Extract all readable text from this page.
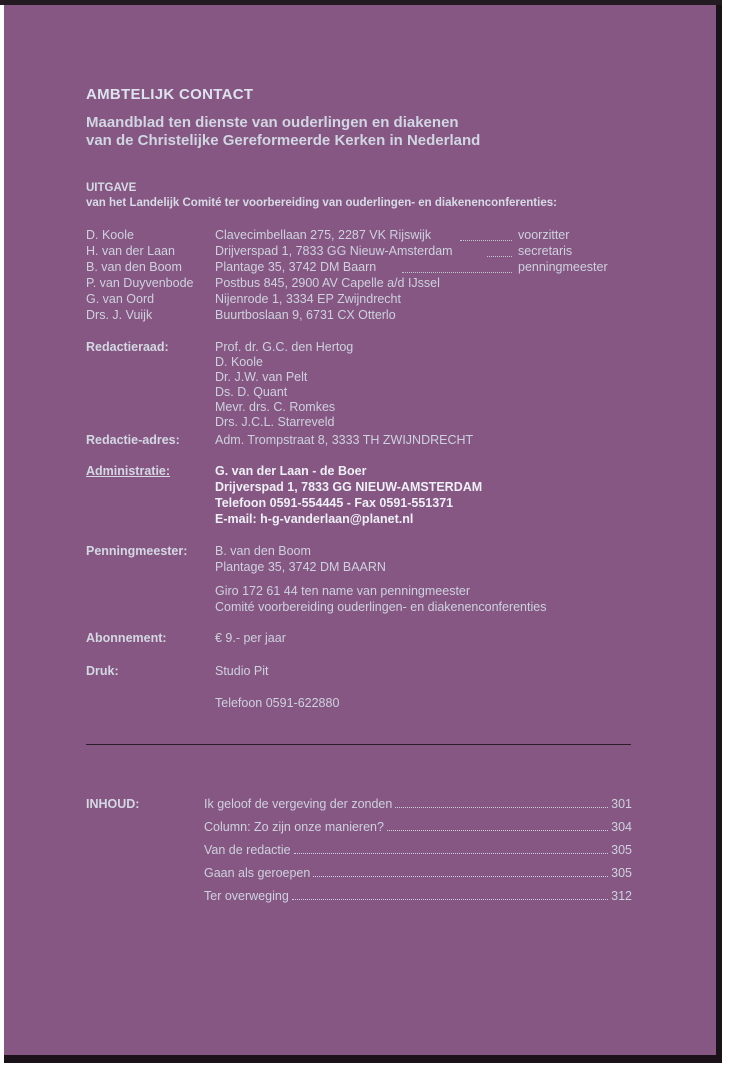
AMBTELIJK CONTACT
Maandblad ten dienste van ouderlingen en diakenen
van de Christelijke Gereformeerde Kerken in Nederland
UITGAVE
van het Landelijk Comité ter voorbereiding van ouderlingen- en diakenenconferenties:
D. Koole	Clavecimbellaan 275, 2287 VK Rijswijk	voorzitter
H. van der Laan	Drijverspad 1, 7833 GG Nieuw-Amsterdam	secretaris
B. van den Boom	Plantage 35, 3742 DM Baarn	penningmeester
P. van Duyvenbode Postbus 845, 2900 AV Capelle a/d IJssel
G. van Oord	Nijenrode 1, 3334 EP Zwijndrecht
Drs. J. Vuijk	Buurtboslaan 9, 6731 CX Otterlo
Redactieraad:	Prof. dr. G.C. den Hertog
D. Koole
Dr. J.W. van Pelt
Ds. D. Quant
Mevr. drs. C. Romkes
Drs. J.C.L. Starreveld
Redactie-adres:	Adm. Trompstraat 8, 3333 TH ZWIJNDRECHT
Administratie:	G. van der Laan - de Boer
Drijverspad 1, 7833 GG NIEUW-AMSTERDAM
Telefoon 0591-554445 - Fax 0591-551371
E-mail: h-g-vanderlaan@planet.nl
Penningmeester: B. van den Boom
Plantage 35, 3742 DM BAARN
Giro 172 61 44 ten name van penningmeester
Comité voorbereiding ouderlingen- en diakenenconferenties
Abonnement:	€ 9.- per jaar
Druk:	Studio Pit
Telefoon 0591-622880
INHOUD:	Ik geloof de vergeving der zonden	301
Column: Zo zijn onze manieren?	304
Van de redactie	305
Gaan als geroepen	305
Ter overweging	312
